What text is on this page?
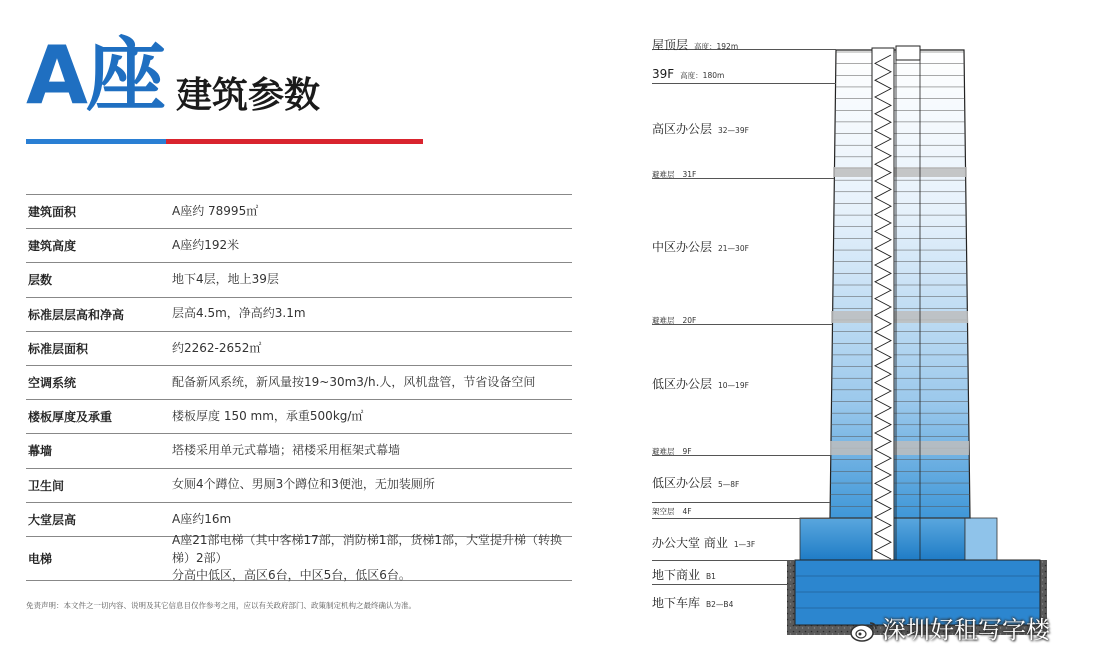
A座 建筑参数
建筑面积	A座约 78995㎡
建筑高度	A座约192米
层数	地下4层，地上39层
标准层层高和净高	层高4.5m，净高约3.1m
标准层面积	约2262-2652㎡
空调系统	配备新风系统，新风量按19~30m3/h.人，风机盘管，节省设备空间
楼板厚度及承重	楼板厚度 150 mm，承重500kg/㎡
幕墙	塔楼采用单元式幕墙；裙楼采用框架式幕墙
卫生间	女厕4个蹲位、男厕3个蹲位和3便池，无加装厕所
大堂层高	A座约16m
电梯
A座21部电梯（其中客梯17部，消防梯1部，货梯1部，大堂提升梯（转换梯）2部）
分高中低区，高区6台，中区5台，低区6台。
免责声明：本文件之一切内容、说明及其它信息目仅作参考之用，应以有关政府部门、政策制定机构之最终确认为准。
屋顶层 高度：192m
39F 高度：180m
高区办公层 32—39F
避难层 31F
中区办公层 21—30F
避难层 20F
低区办公层 10—19F
避难层 9F
低区办公层 5—8F
架空层 4F
办公大堂 商业 1—3F
地下商业 B1
地下车库 B2—B4
深圳好租写字楼
